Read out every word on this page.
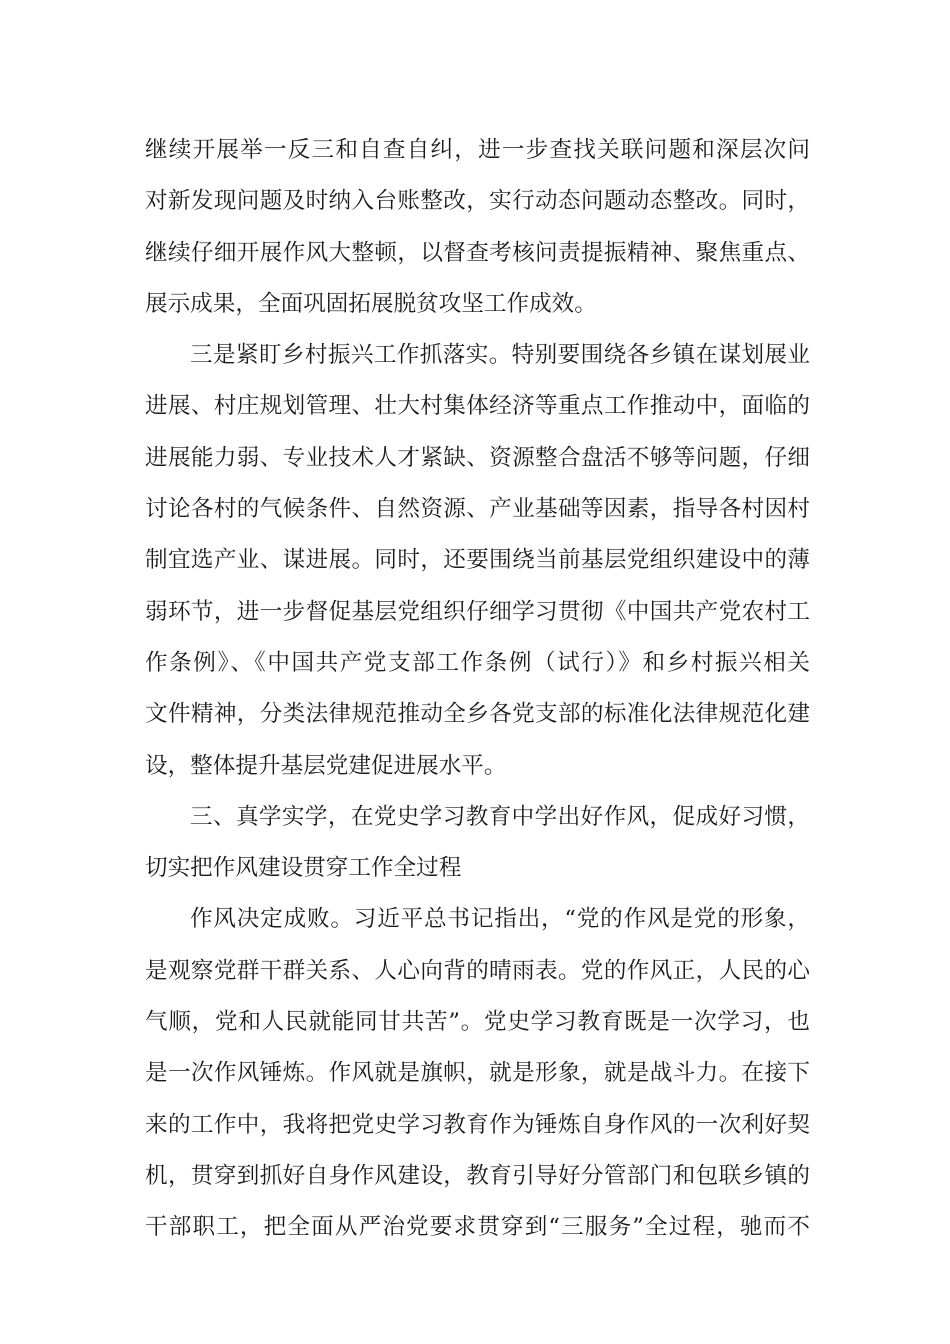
继续开展举一反三和自查自纠，进一步查找关联问题和深层次问
对新发现问题及时纳入台账整改，实行动态问题动态整改。同时，
继续仔细开展作风大整顿，以督查考核问责提振精神、聚焦重点、
展示成果，全面巩固拓展脱贫攻坚工作成效。
三是紧盯乡村振兴工作抓落实。特别要围绕各乡镇在谋划展业
进展、村庄规划管理、壮大村集体经济等重点工作推动中，面临的
进展能力弱、专业技术人才紧缺、资源整合盘活不够等问题，仔细
讨论各村的气候条件、自然资源、产业基础等因素，指导各村因村
制宜选产业、谋进展。同时，还要围绕当前基层党组织建设中的薄
弱环节，进一步督促基层党组织仔细学习贯彻《中国共产党农村工
作条例》、《中国共产党支部工作条例（试行）》和乡村振兴相关
文件精神，分类法律规范推动全乡各党支部的标准化法律规范化建
设，整体提升基层党建促进展水平。
三、真学实学，在党史学习教育中学出好作风，促成好习惯，
切实把作风建设贯穿工作全过程
作风决定成败。习近平总书记指出，“党的作风是党的形象，
是观察党群干群关系、人心向背的晴雨表。党的作风正，人民的心
气顺，党和人民就能同甘共苦”。党史学习教育既是一次学习，也
是一次作风锤炼。作风就是旗帜，就是形象，就是战斗力。在接下
来的工作中，我将把党史学习教育作为锤炼自身作风的一次利好契
机，贯穿到抓好自身作风建设，教育引导好分管部门和包联乡镇的
干部职工，把全面从严治党要求贯穿到“三服务”全过程，驰而不
